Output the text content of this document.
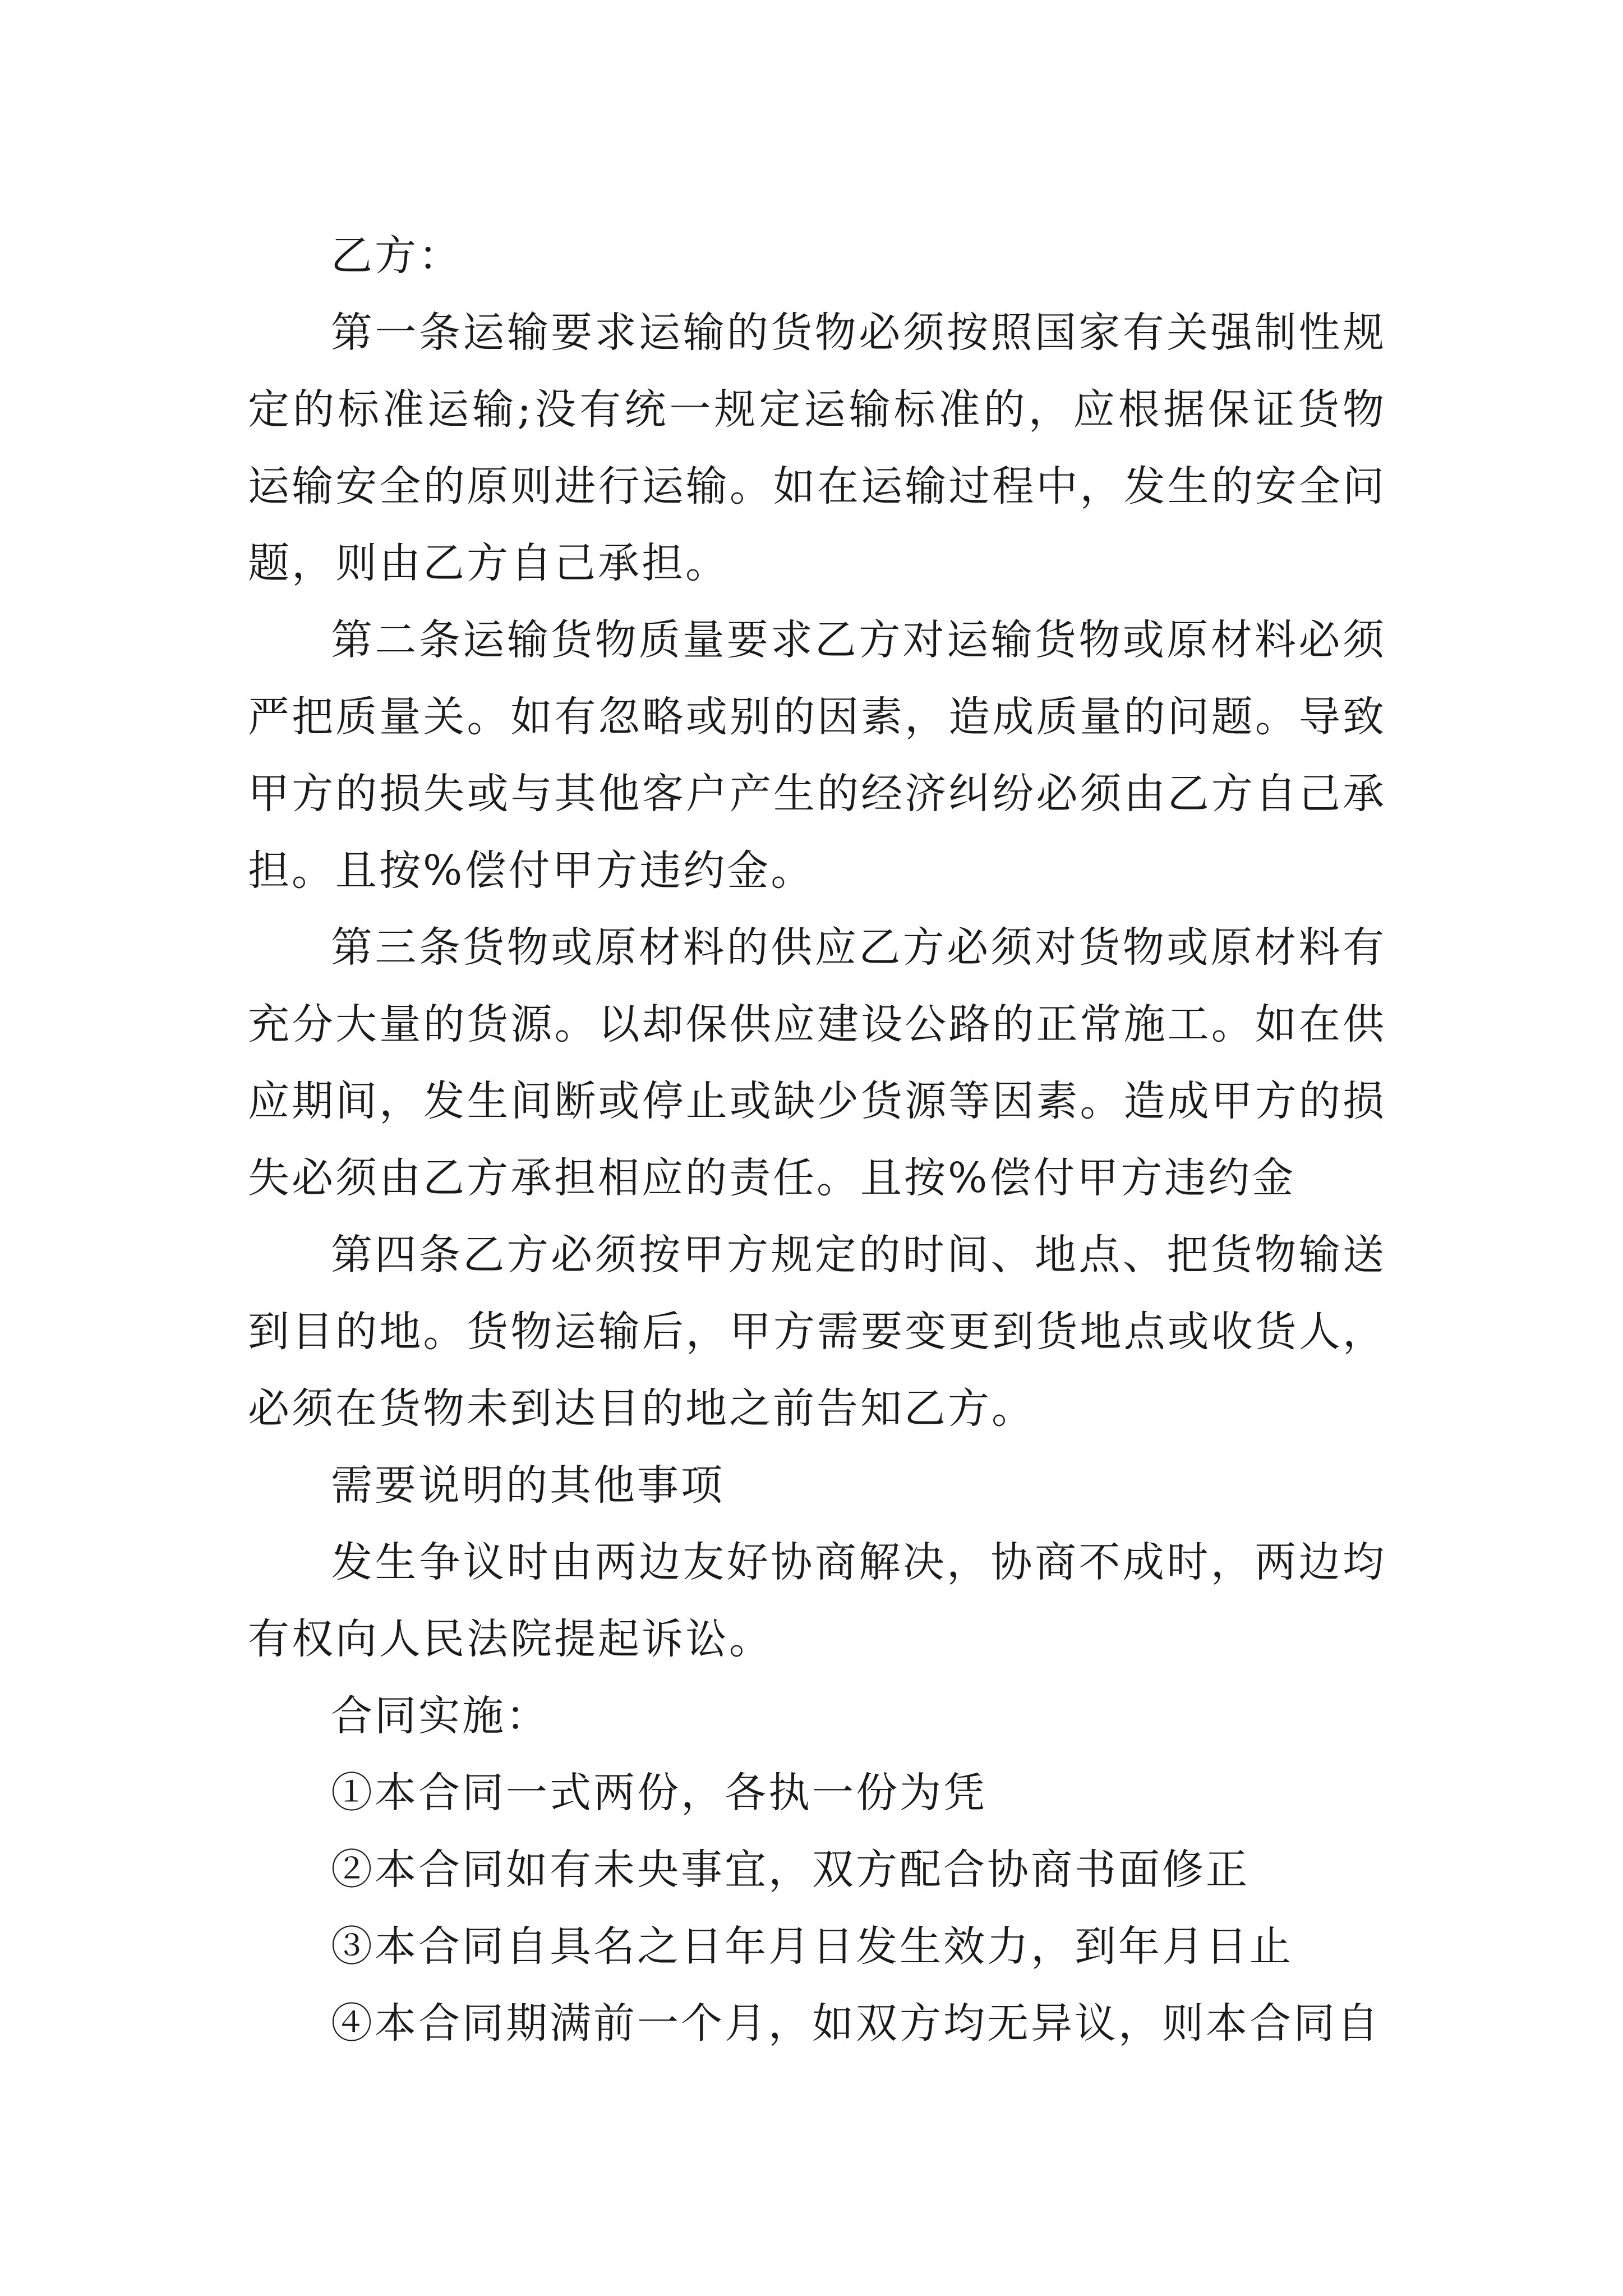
乙方：

第一条运输要求运输的货物必须按照国家有关强制性规定的标准运输;没有统一规定运输标准的，应根据保证货物运输安全的原则进行运输。如在运输过程中，发生的安全问题，则由乙方自己承担。

第二条运输货物质量要求乙方对运输货物或原材料必须严把质量关。如有忽略或别的因素，造成质量的问题。导致甲方的损失或与其他客户产生的经济纠纷必须由乙方自己承担。且按%偿付甲方违约金。

第三条货物或原材料的供应乙方必须对货物或原材料有充分大量的货源。以却保供应建设公路的正常施工。如在供应期间，发生间断或停止或缺少货源等因素。造成甲方的损失必须由乙方承担相应的责任。且按%偿付甲方违约金

第四条乙方必须按甲方规定的时间、地点、把货物输送到目的地。货物运输后，甲方需要变更到货地点或收货人，必须在货物未到达目的地之前告知乙方。

需要说明的其他事项

发生争议时由两边友好协商解决，协商不成时，两边均有权向人民法院提起诉讼。

合同实施：

①本合同一式两份，各执一份为凭

②本合同如有未央事宜，双方配合协商书面修正

③本合同自具名之日年月日发生效力，到年月日止

④本合同期满前一个月，如双方均无异议，则本合同自
